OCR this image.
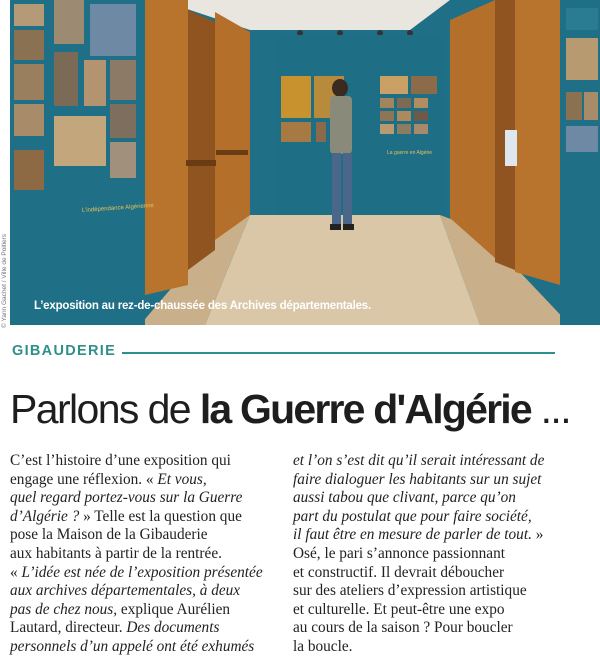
La guerre en Algérie
L’indépendance Algérienne
L’exposition au rez-de-chaussée des Archives départementales.
© Yann Gachet / Ville de Poitiers
GIBAUDERIE
Parlons de la Guerre d'Algérie ...
C’est l’histoire d’une exposition qui
engage une réflexion. « Et vous,
quel regard portez-vous sur la Guerre
d’Algérie ? » Telle est la question que
pose la Maison de la Gibauderie
aux habitants à partir de la rentrée.
« L’idée est née de l’exposition présentée
aux archives départementales, à deux
pas de chez nous, explique Aurélien
Lautard, directeur. Des documents
personnels d’un appelé ont été exhumés
et l’on s’est dit qu’il serait intéressant de
faire dialoguer les habitants sur un sujet
aussi tabou que clivant, parce qu’on
part du postulat que pour faire société,
il faut être en mesure de parler de tout. »
Osé, le pari s’annonce passionnant
et constructif. Il devrait déboucher
sur des ateliers d’expression artistique
et culturelle. Et peut-être une expo
au cours de la saison ? Pour boucler
la boucle.
